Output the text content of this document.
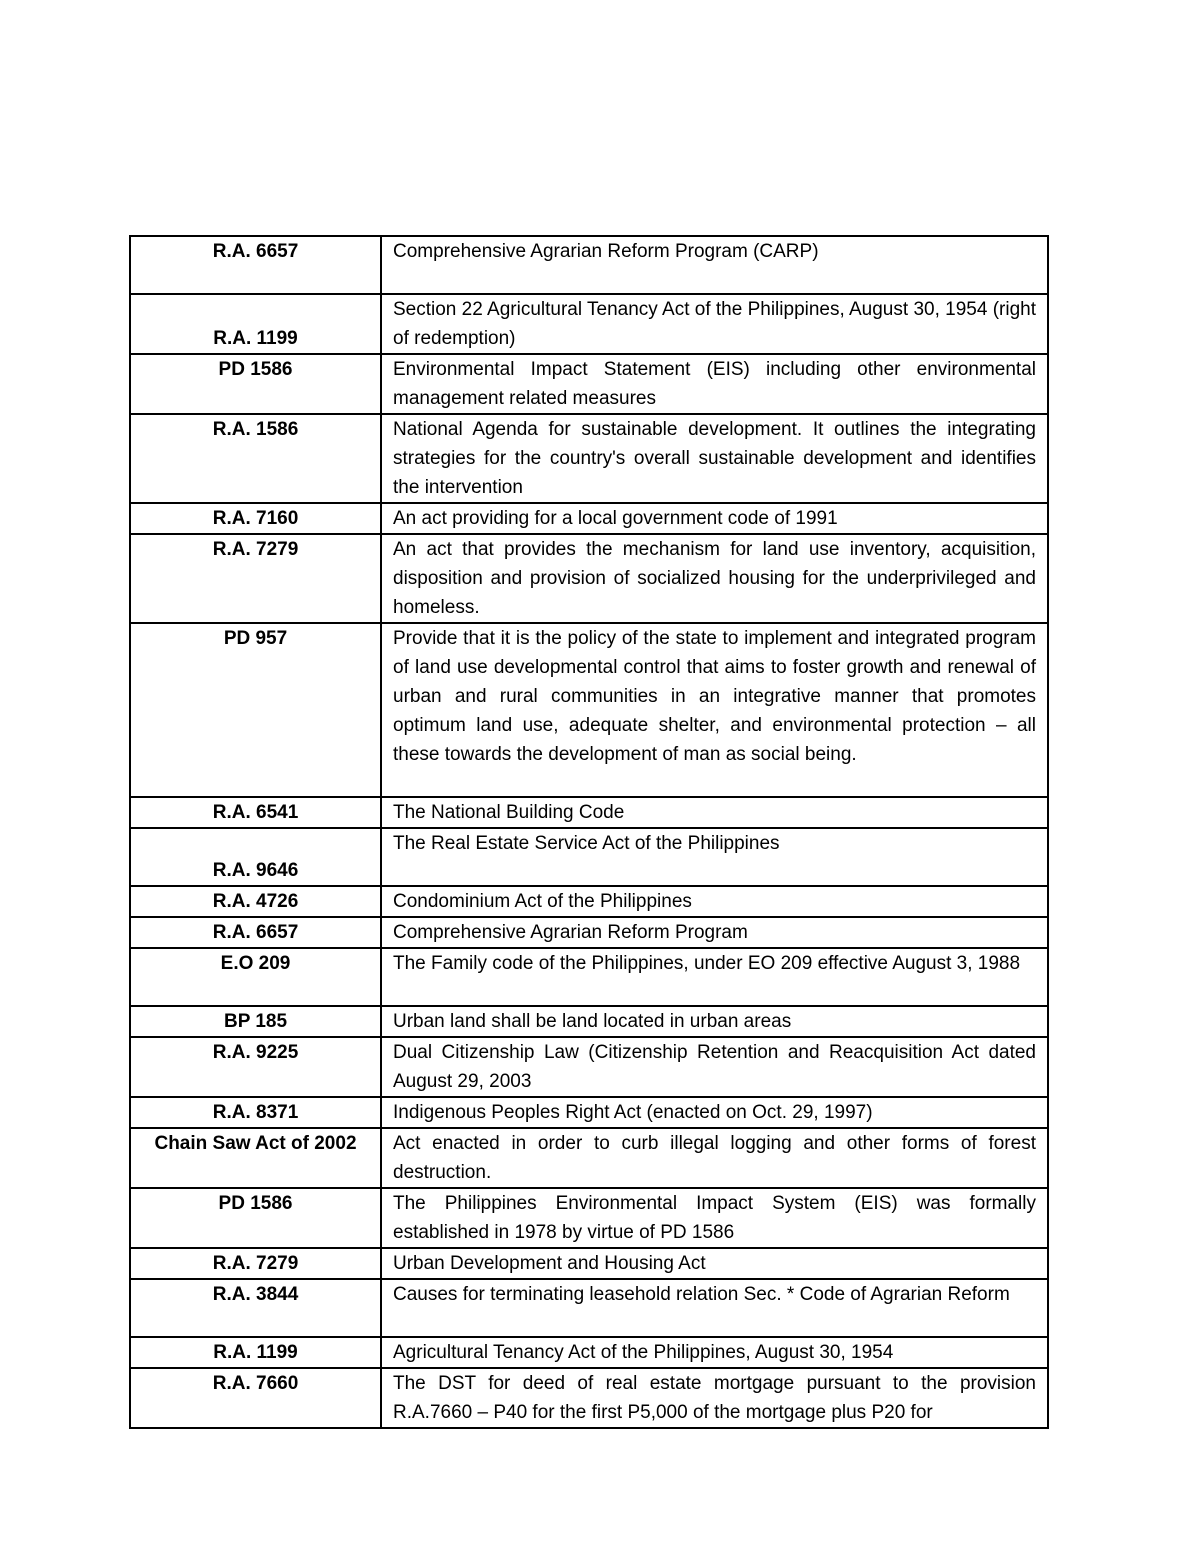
R.A. 6657	Comprehensive Agrarian Reform Program (CARP)
R.A. 1199	Section 22 Agricultural Tenancy Act of the Philippines, August 30, 1954 (right of redemption)
PD 1586	Environmental Impact Statement (EIS) including other environmental management related measures
R.A. 1586	National Agenda for sustainable development. It outlines the integrating strategies for the country's overall sustainable development and identifies the intervention
R.A. 7160	An act providing for a local government code of 1991
R.A. 7279	An act that provides the mechanism for land use inventory, acquisition, disposition and provision of socialized housing for the underprivileged and homeless.
PD 957	Provide that it is the policy of the state to implement and integrated program of land use developmental control that aims to foster growth and renewal of urban and rural communities in an integrative manner that promotes optimum land use, adequate shelter, and environmental protection – all these towards the development of man as social being.
R.A. 6541	The National Building Code
R.A. 9646	The Real Estate Service Act of the Philippines
R.A. 4726	Condominium Act of the Philippines
R.A. 6657	Comprehensive Agrarian Reform Program
E.O 209	The Family code of the Philippines, under EO 209 effective August 3, 1988
BP 185	Urban land shall be land located in urban areas
R.A. 9225	Dual Citizenship Law (Citizenship Retention and Reacquisition Act dated August 29, 2003
R.A. 8371	Indigenous Peoples Right Act (enacted on Oct. 29, 1997)
Chain Saw Act of 2002	Act enacted in order to curb illegal logging and other forms of forest destruction.
PD 1586	The Philippines Environmental Impact System (EIS) was formally established in 1978 by virtue of PD 1586
R.A. 7279	Urban Development and Housing Act
R.A. 3844	Causes for terminating leasehold relation Sec. * Code of Agrarian Reform
R.A. 1199	Agricultural Tenancy Act of the Philippines, August 30, 1954
R.A. 7660	The DST for deed of real estate mortgage pursuant to the provision R.A.7660 – P40 for the first P5,000 of the mortgage plus P20 for
